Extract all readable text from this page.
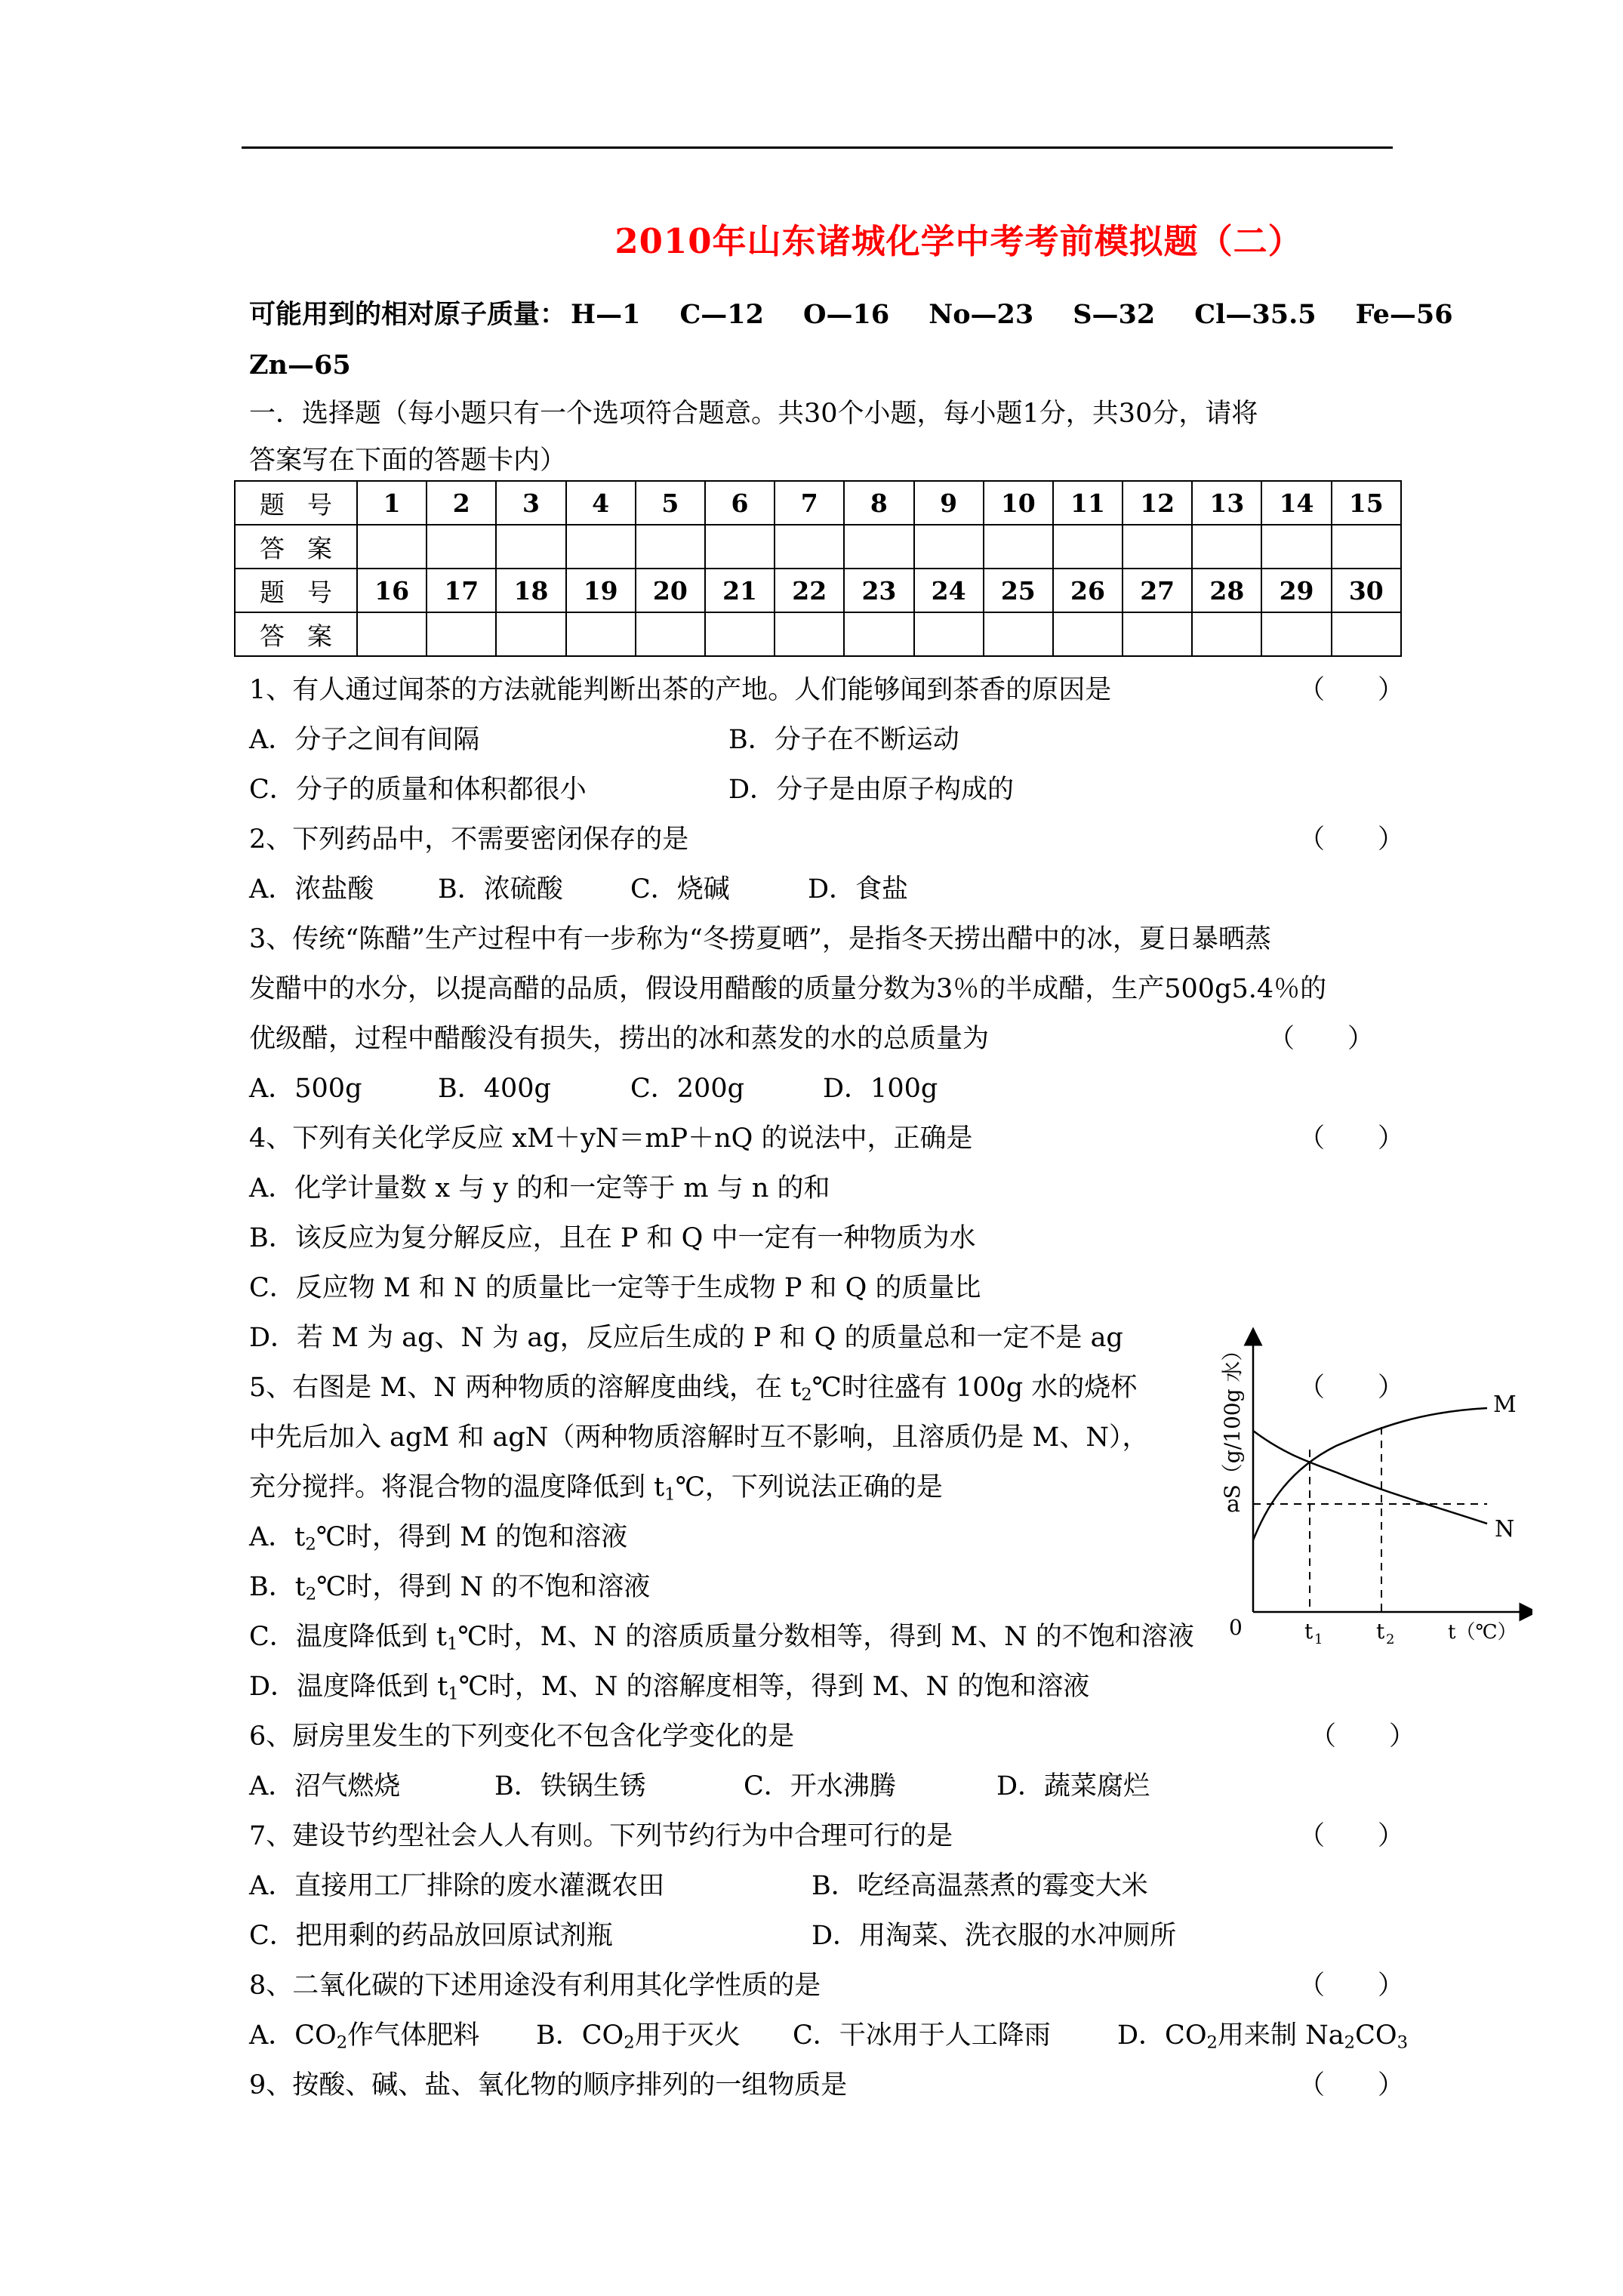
2010年山东诸城化学中考考前模拟题（二）
可能用到的相对原子质量： H—1 C—12 O—16 No—23 S—32 Cl—35.5 Fe—56
Zn—65
一．选择题（每小题只有一个选项符合题意。共30个小题，每小题1分，共30分，请将
答案写在下面的答题卡内）
题号	1	2	3	4	5	6	7	8	9	10	11	12	13	14	15
答案															
题号	16	17	18	19	20	21	22	23	24	25	26	27	28	29	30
答案															
1、有人通过闻茶的方法就能判断出茶的产地。人们能够闻到茶香的原因是	（　　）
A．分子之间有间隔	B．分子在不断运动
C．分子的质量和体积都很小	D．分子是由原子构成的
2、下列药品中，不需要密闭保存的是	（　　）
A．浓盐酸 B．浓硫酸	C．烧碱	D．食盐
3、传统“陈醋”生产过程中有一步称为“冬捞夏晒”，是指冬天捞出醋中的冰，夏日暴晒蒸
发醋中的水分，以提高醋的品质，假设用醋酸的质量分数为3％的半成醋，生产500g5.4％的
优级醋，过程中醋酸没有损失，捞出的冰和蒸发的水的总质量为	（　　）
A．500g	B．400g	C．200g	D．100g
4、下列有关化学反应 xM＋yN＝mP＋nQ 的说法中，正确是	（　　）
A．化学计量数 x 与 y 的和一定等于 m 与 n 的和
B．该反应为复分解反应，且在 P 和 Q 中一定有一种物质为水
C．反应物 M 和 N 的质量比一定等于生成物 P 和 Q 的质量比
D．若 M 为 ag、N 为 ag，反应后生成的 P 和 Q 的质量总和一定不是 ag
5、右图是 M、N 两种物质的溶解度曲线，在 $t_2℃$时往盛有 100g 水的烧杯	（　　）
中先后加入 agM 和 agN（两种物质溶解时互不影响，且溶质仍是 M、N），
充分搅拌。将混合物的温度降低到 $t_1℃$，下列说法正确的是
A．$t_2℃$时，得到 M 的饱和溶液
B．$t_2℃$时，得到 N 的不饱和溶液
C．温度降低到 $t_1℃$时，M、N 的溶质质量分数相等，得到 M、N 的不饱和溶液
D．温度降低到 $t_1℃$时，M、N 的溶解度相等，得到 M、N 的饱和溶液
S（g/100g 水）
a
M
N
0	t 1	t 2	t（℃）
6、厨房里发生的下列变化不包含化学变化的是	（　　）
A．沼气燃烧	B．铁锅生锈	C．开水沸腾	D．蔬菜腐烂
7、建设节约型社会人人有则。下列节约行为中合理可行的是	（　　）
A．直接用工厂排除的废水灌溉农田	B．吃经高温蒸煮的霉变大米
C．把用剩的药品放回原试剂瓶	D．用淘菜、洗衣服的水冲厕所
8、二氧化碳的下述用途没有利用其化学性质的是	（　　）
A．$CO_2$作气体肥料 B．$CO_2$用于灭火 C．干冰用于人工降雨	D．$CO_2$用来制 $Na_2CO_3$
9、按酸、碱、盐、氧化物的顺序排列的一组物质是	（　　）
